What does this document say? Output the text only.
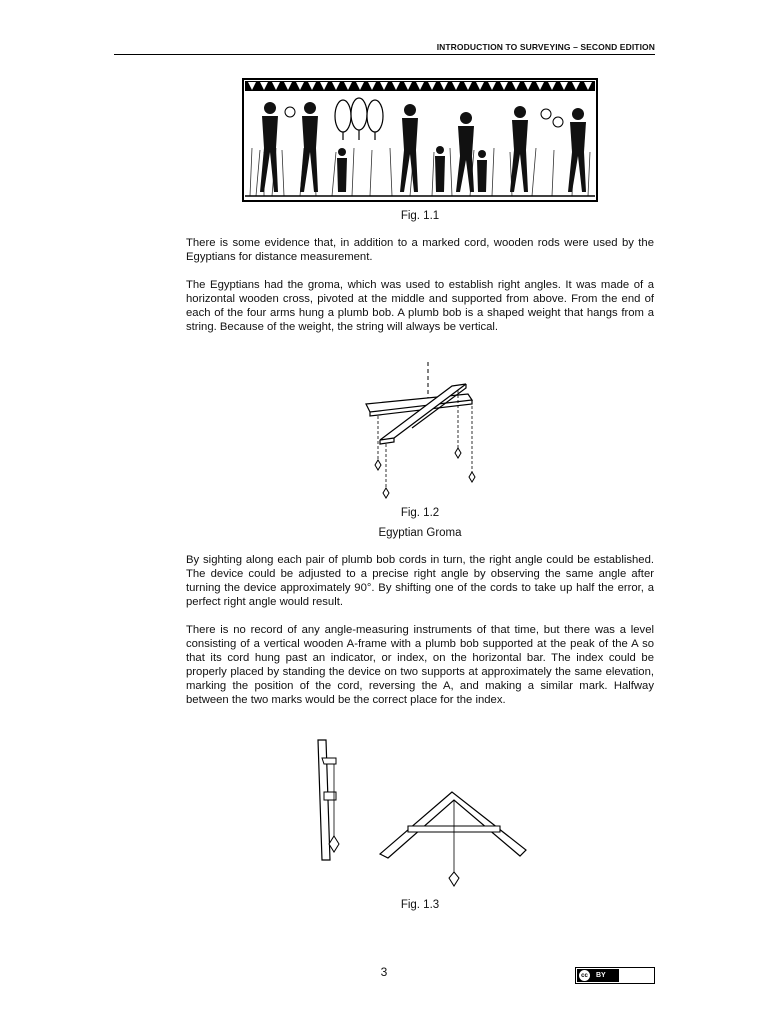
INTRODUCTION TO SURVEYING – SECOND EDITION
Fig. 1.1

There is some evidence that, in addition to a marked cord, wooden rods were used by the Egyptians for distance measurement.

The Egyptians had the groma, which was used to establish right angles. It was made of a horizontal wooden cross, pivoted at the middle and supported from above. From the end of each of the four arms hung a plumb bob. A plumb bob is a shaped weight that hangs from a string. Because of the weight, the string will always be vertical.

Fig. 1.2
Egyptian Groma

By sighting along each pair of plumb bob cords in turn, the right angle could be established. The device could be adjusted to a precise right angle by observing the same angle after turning the device approximately 90°. By shifting one of the cords to take up half the error, a perfect right angle would result.

There is no record of any angle-measuring instruments of that time, but there was a level consisting of a vertical wooden A-frame with a plumb bob supported at the peak of the A so that its cord hung past an indicator, or index, on the horizontal bar. The index could be properly placed by standing the device on two supports at approximately the same elevation, marking the position of the cord, reversing the A, and making a similar mark. Halfway between the two marks would be the correct place for the index.

Fig. 1.3
3	cc	BY
